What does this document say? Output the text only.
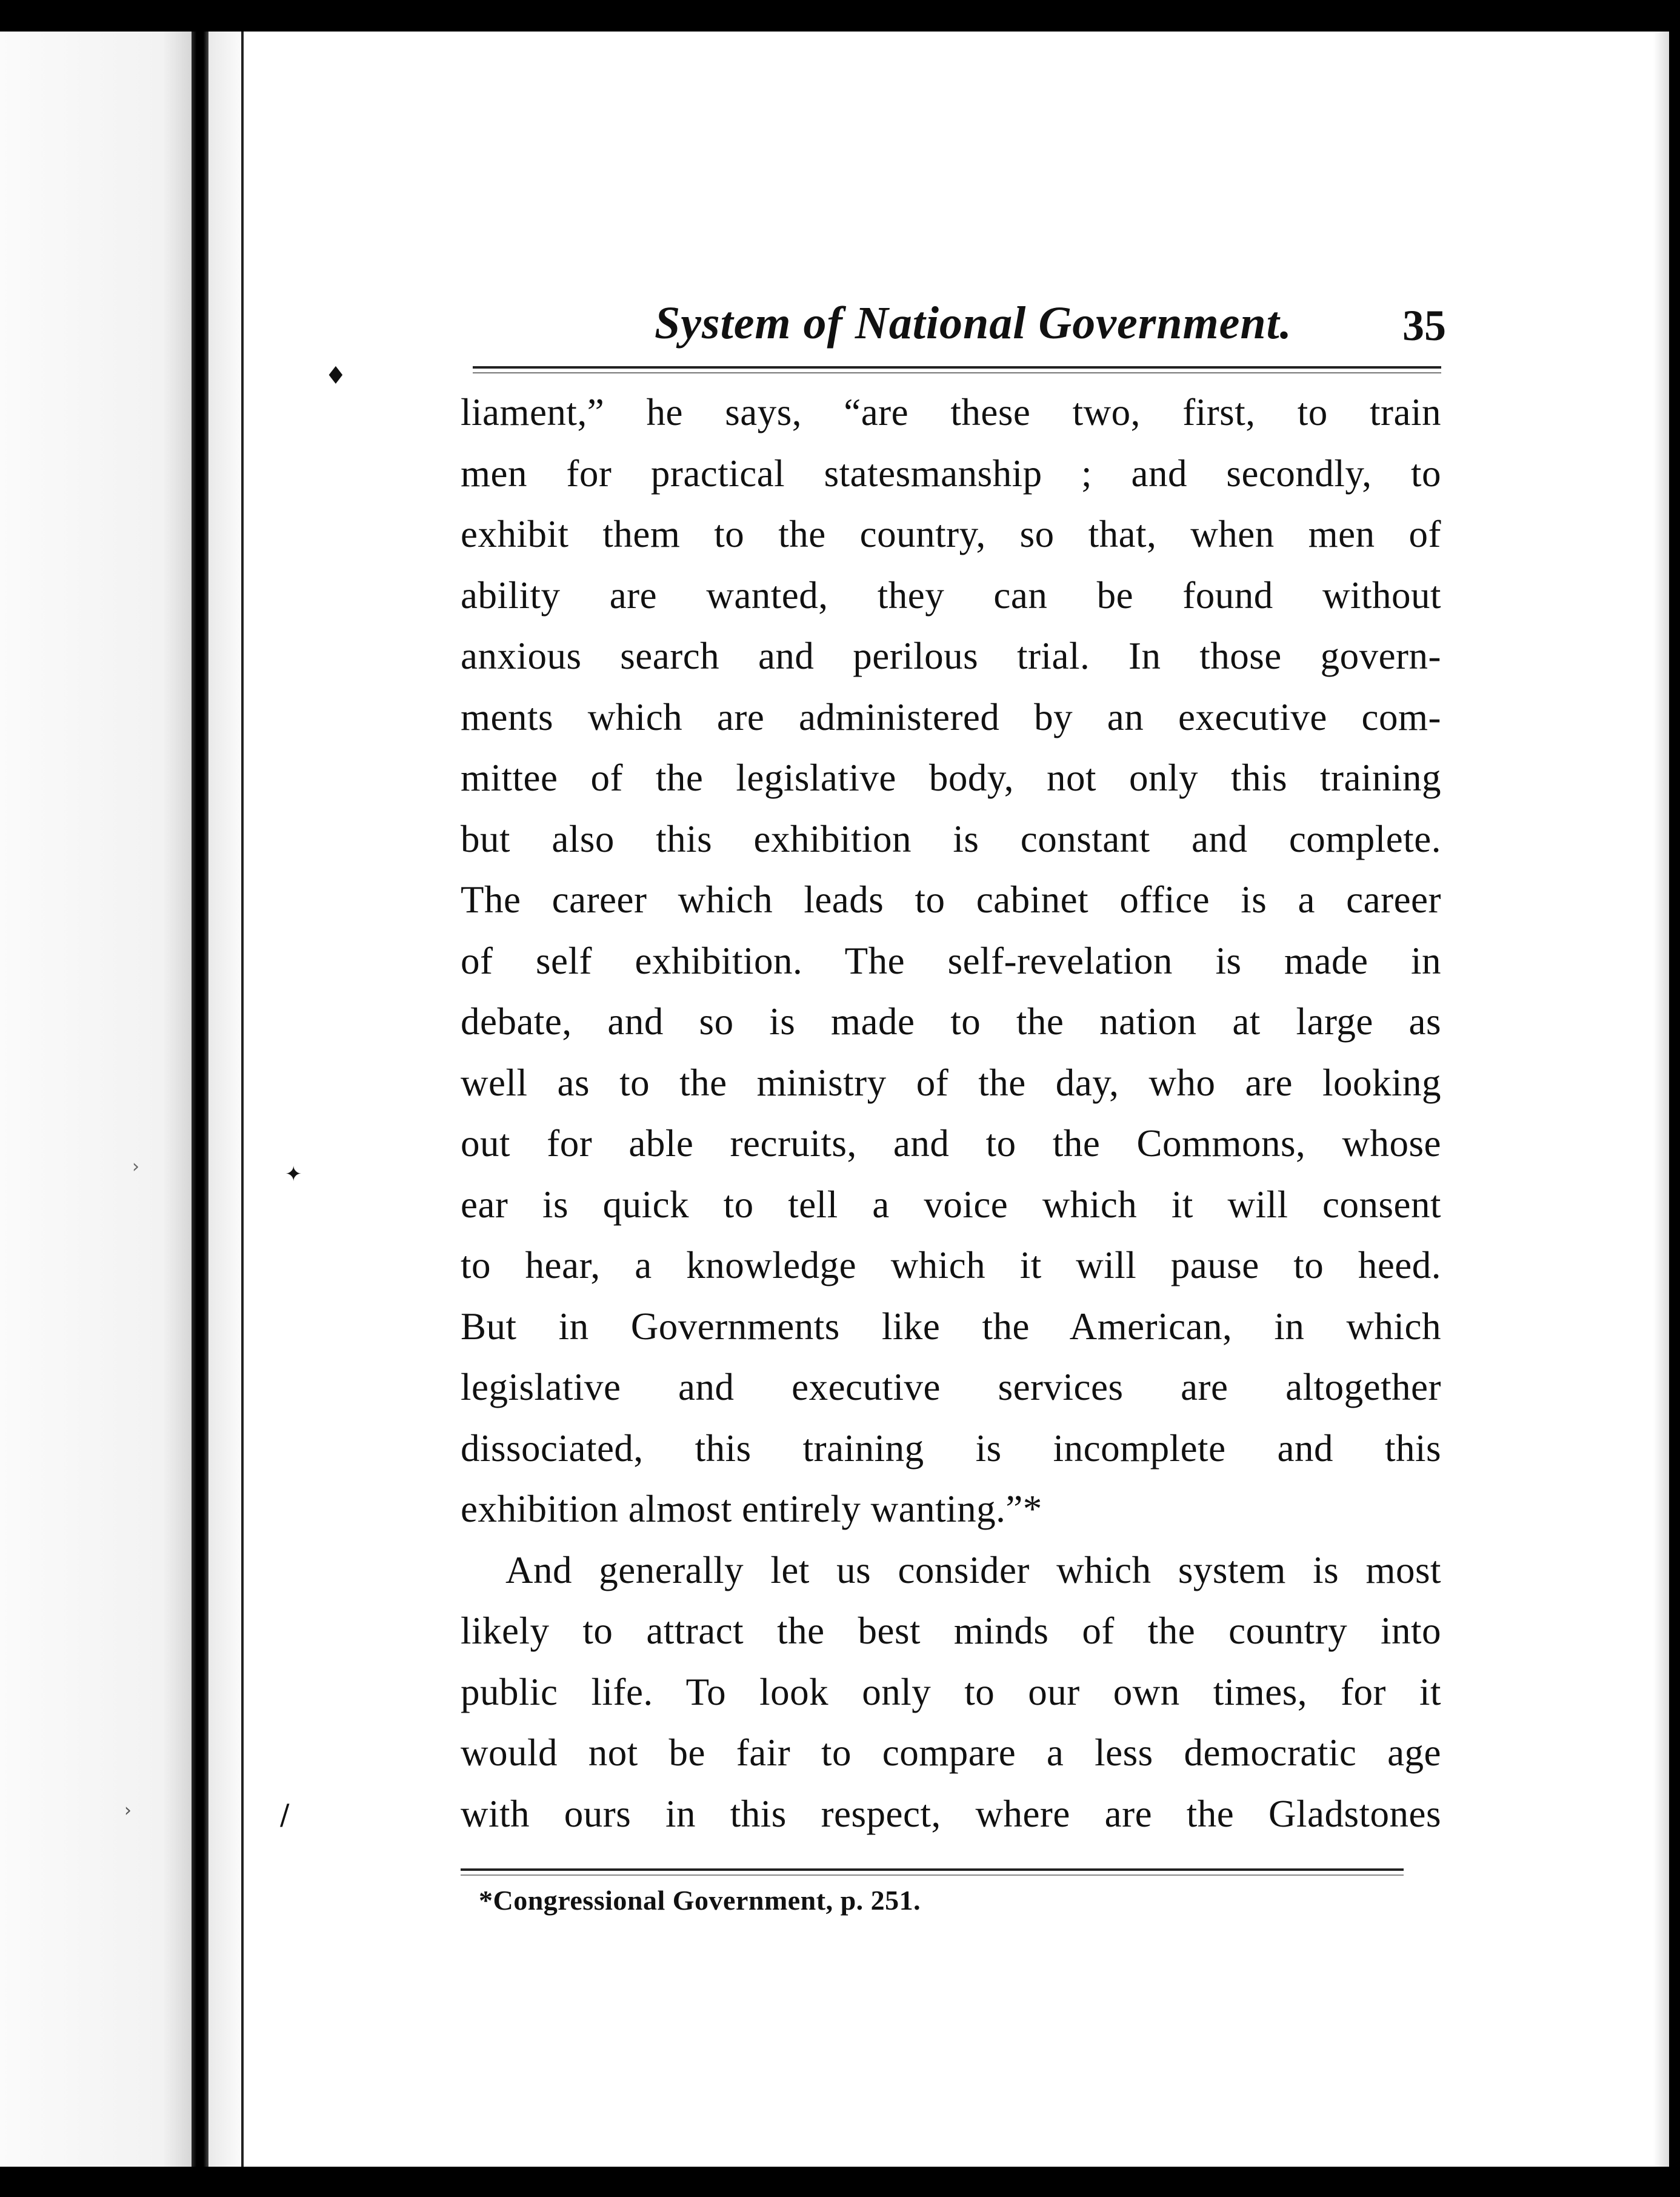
♦
✦
/
›
›
System of National Government.	35
liament,” he says, “are these two, first, to train
men for practical statesmanship ; and secondly, to
exhibit them to the country, so that, when men of
ability are wanted, they can be found without
anxious search and perilous trial. In those govern-
ments which are administered by an executive com-
mittee of the legislative body, not only this training
but also this exhibition is constant and complete.
The career which leads to cabinet office is a career
of self exhibition. The self-revelation is made in
debate, and so is made to the nation at large as
well as to the ministry of the day, who are looking
out for able recruits, and to the Commons, whose
ear is quick to tell a voice which it will consent
to hear, a knowledge which it will pause to heed.
But in Governments like the American, in which
legislative and executive services are altogether
dissociated, this training is incomplete and this
exhibition almost entirely wanting.”*
And generally let us consider which system is most
likely to attract the best minds of the country into
public life. To look only to our own times, for it
would not be fair to compare a less democratic age
with ours in this respect, where are the Gladstones
*Congressional Government, p. 251.
